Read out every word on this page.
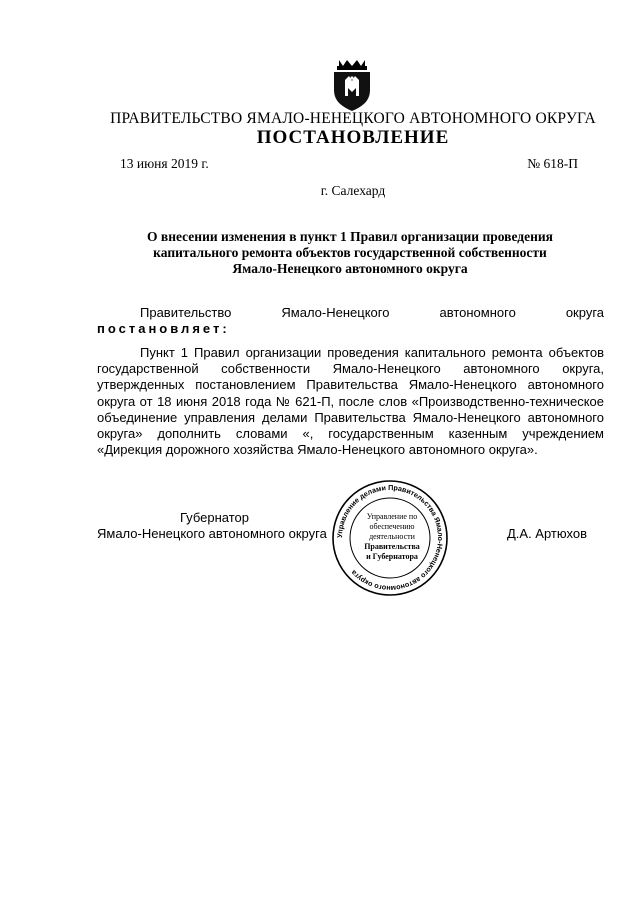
ПРАВИТЕЛЬСТВО ЯМАЛО-НЕНЕЦКОГО АВТОНОМНОГО ОКРУГА
ПОСТАНОВЛЕНИЕ
13 июня 2019 г.	№ 618-П
г. Салехард
О внесении изменения в пункт 1 Правил организации проведения
капитального ремонта объектов государственной собственности
Ямало-Ненецкого автономного округа
Правительство	Ямало-Ненецкого	автономного	округа
постановляет:
Пункт 1 Правил организации проведения капитального ремонта объектов государственной собственности Ямало-Ненецкого автономного округа, утвержденных постановлением Правительства Ямало-Ненецкого автономного округа от 18 июня 2018 года № 621-П, после слов «Производственно-техническое объединение управления делами Правительства Ямало-Ненецкого автономного округа» дополнить словами «, государственным казенным учреждением «Дирекция дорожного хозяйства Ямало-Ненецкого автономного округа».
Губернатор
Ямало-Ненецкого автономного округа	Д.А. Артюхов
Управление делами Правительства Ямало-Ненецкого автономного округа
Управление по
обеспечению
деятельности
Правительства
и Губернатора
